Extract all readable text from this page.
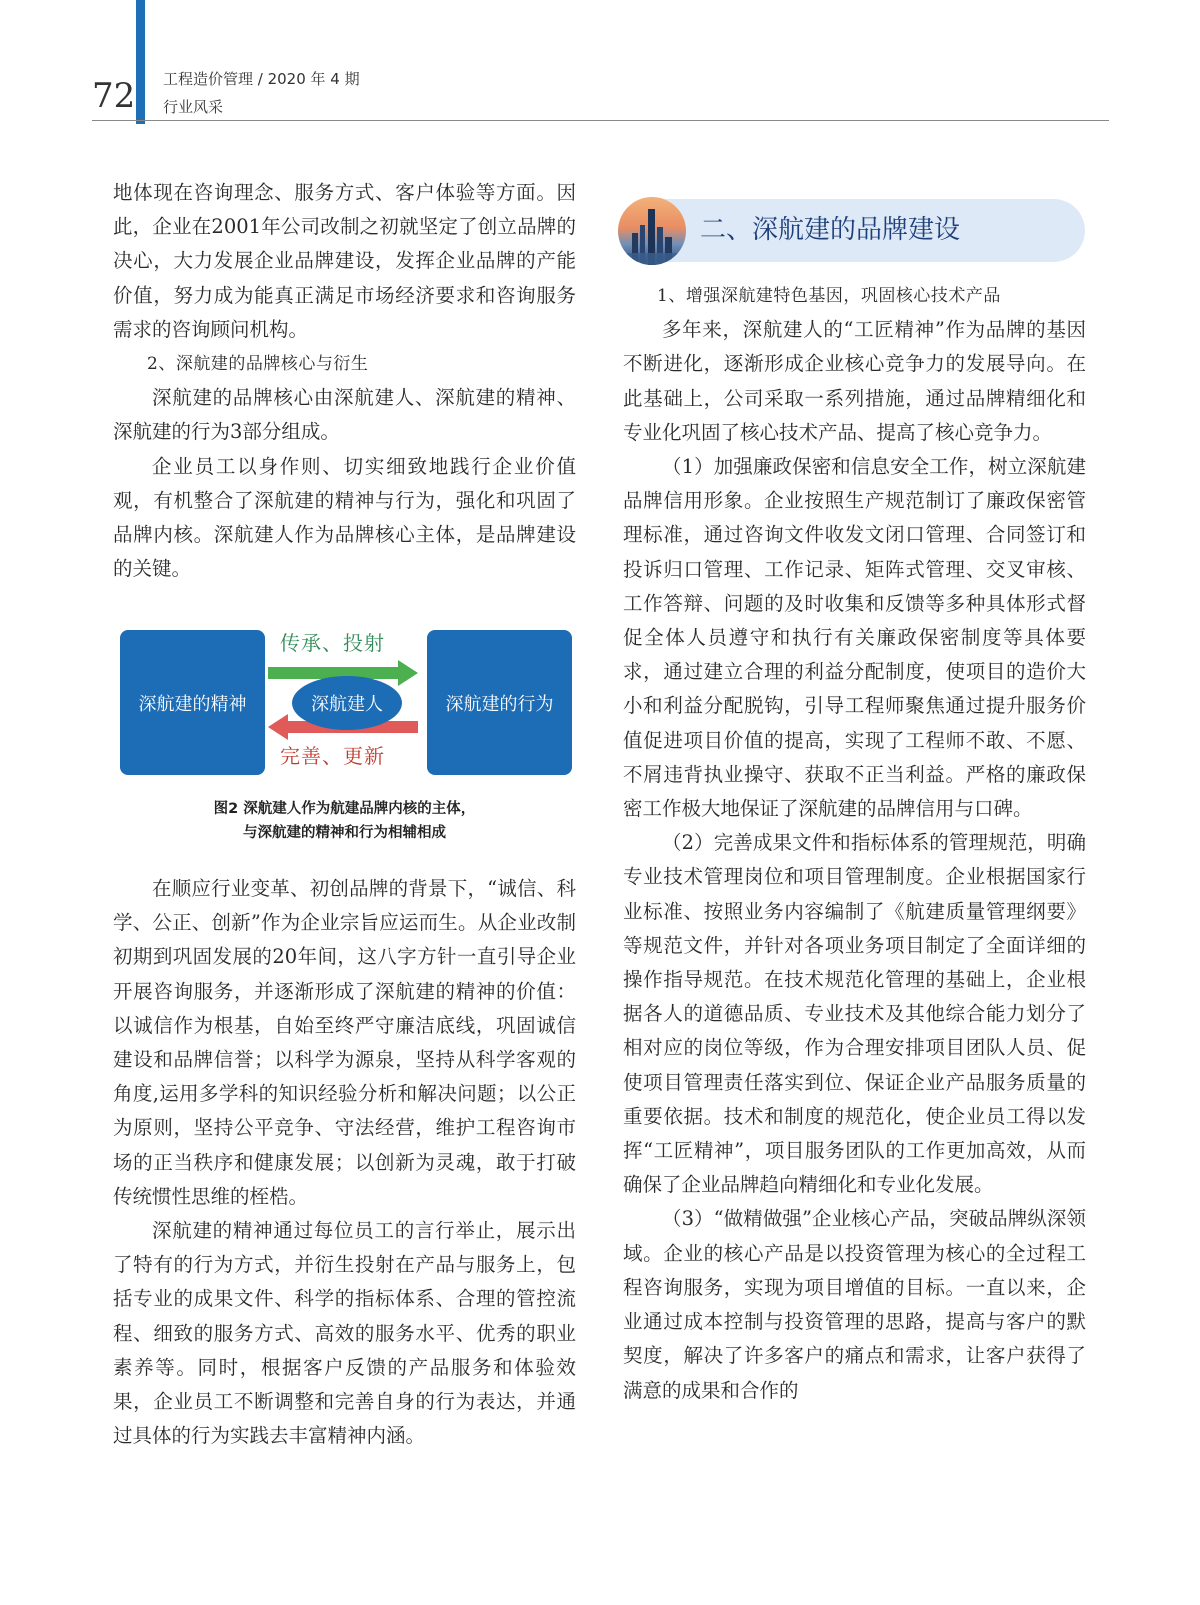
72 工程造价管理 / 2020 年 4 期
行业风采

地体现在咨询理念、服务方式、客户体验等方面。因此，企业在2001年公司改制之初就坚定了创立品牌的决心，大力发展企业品牌建设，发挥企业品牌的产能价值，努力成为能真正满足市场经济要求和咨询服务需求的咨询顾问机构。

2、深航建的品牌核心与衍生

深航建的品牌核心由深航建人、深航建的精神、深航建的行为3部分组成。

企业员工以身作则、切实细致地践行企业价值观，有机整合了深航建的精神与行为，强化和巩固了品牌内核。深航建人作为品牌核心主体，是品牌建设的关键。

深航建的精神
传承、投射
深航建人
完善、更新
深航建的行为
图2 深航建人作为航建品牌内核的主体，
与深航建的精神和行为相辅相成

在顺应行业变革、初创品牌的背景下，“诚信、科学、公正、创新”作为企业宗旨应运而生。从企业改制初期到巩固发展的20年间，这八字方针一直引导企业开展咨询服务，并逐渐形成了深航建的精神的价值：以诚信作为根基，自始至终严守廉洁底线，巩固诚信建设和品牌信誉；以科学为源泉，坚持从科学客观的角度,运用多学科的知识经验分析和解决问题；以公正为原则，坚持公平竞争、守法经营，维护工程咨询市场的正当秩序和健康发展；以创新为灵魂，敢于打破传统惯性思维的桎梏。

深航建的精神通过每位员工的言行举止，展示出了特有的行为方式，并衍生投射在产品与服务上，包括专业的成果文件、科学的指标体系、合理的管控流程、细致的服务方式、高效的服务水平、优秀的职业素养等。同时，根据客户反馈的产品服务和体验效果，企业员工不断调整和完善自身的行为表达，并通过具体的行为实践去丰富精神内涵。

二、深航建的品牌建设

1、增强深航建特色基因，巩固核心技术产品

多年来，深航建人的“工匠精神”作为品牌的基因不断进化，逐渐形成企业核心竞争力的发展导向。在此基础上，公司采取一系列措施，通过品牌精细化和专业化巩固了核心技术产品、提高了核心竞争力。

（1）加强廉政保密和信息安全工作，树立深航建品牌信用形象。企业按照生产规范制订了廉政保密管理标准，通过咨询文件收发文闭口管理、合同签订和投诉归口管理、工作记录、矩阵式管理、交叉审核、工作答辩、问题的及时收集和反馈等多种具体形式督促全体人员遵守和执行有关廉政保密制度等具体要求，通过建立合理的利益分配制度，使项目的造价大小和利益分配脱钩，引导工程师聚焦通过提升服务价值促进项目价值的提高，实现了工程师不敢、不愿、不屑违背执业操守、获取不正当利益。严格的廉政保密工作极大地保证了深航建的品牌信用与口碑。

（2）完善成果文件和指标体系的管理规范，明确专业技术管理岗位和项目管理制度。企业根据国家行业标准、按照业务内容编制了《航建质量管理纲要》等规范文件，并针对各项业务项目制定了全面详细的操作指导规范。在技术规范化管理的基础上，企业根据各人的道德品质、专业技术及其他综合能力划分了相对应的岗位等级，作为合理安排项目团队人员、促使项目管理责任落实到位、保证企业产品服务质量的重要依据。技术和制度的规范化，使企业员工得以发挥“工匠精神”，项目服务团队的工作更加高效，从而确保了企业品牌趋向精细化和专业化发展。

（3）“做精做强”企业核心产品，突破品牌纵深领域。企业的核心产品是以投资管理为核心的全过程工程咨询服务，实现为项目增值的目标。一直以来，企业通过成本控制与投资管理的思路，提高与客户的默契度，解决了许多客户的痛点和需求，让客户获得了满意的成果和合作的
